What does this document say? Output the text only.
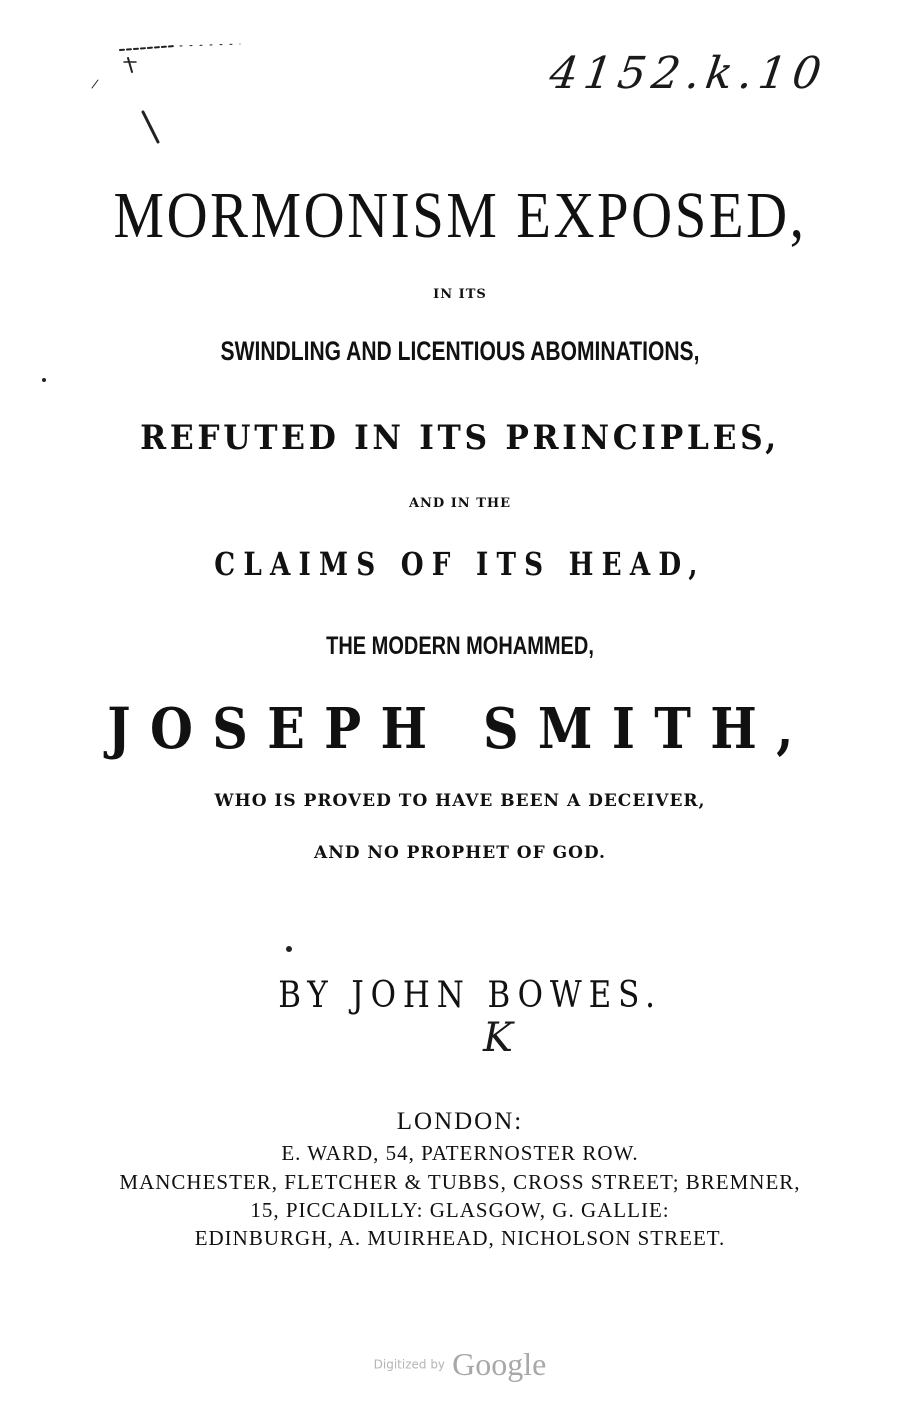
4152.k.10

MORMONISM EXPOSED,

IN ITS

SWINDLING AND LICENTIOUS ABOMINATIONS,

REFUTED IN ITS PRINCIPLES,

AND IN THE

CLAIMS OF ITS HEAD,

THE MODERN MOHAMMED,

JOSEPH SMITH,

WHO IS PROVED TO HAVE BEEN A DECEIVER,

AND NO PROPHET OF GOD.

BY JOHN BOWES.

K

LONDON:

E. WARD, 54, PATERNOSTER ROW.

MANCHESTER, FLETCHER & TUBBS, CROSS STREET; BREMNER,

15, PICCADILLY: GLASGOW, G. GALLIE:

EDINBURGH, A. MUIRHEAD, NICHOLSON STREET.

Digitized by Google
